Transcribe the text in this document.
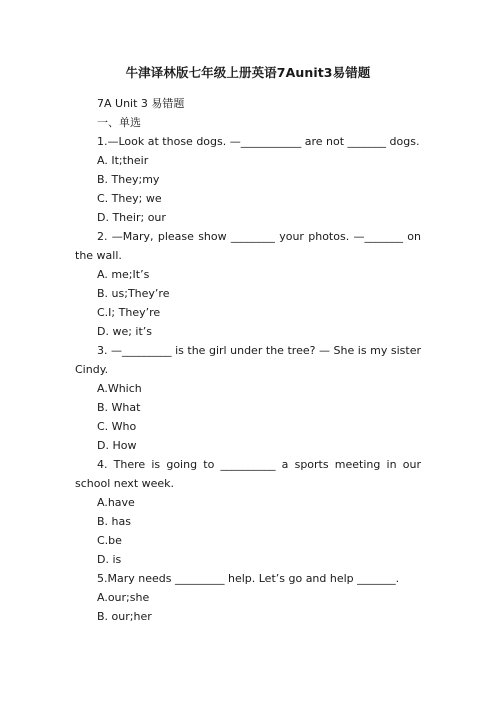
牛津译林版七年级上册英语7Aunit3易错题
7A Unit 3 易错题
一、单选
1.—Look at those dogs. —___________ are not _______ dogs.
A. It;their
B. They;my
C. They; we
D. Their; our
2. —Mary, please show ________ your photos. —_______ on the wall.
A. me;It’s
B. us;They’re
C.I; They’re
D. we; it’s
3. —_________ is the girl under the tree? — She is my sister Cindy.
A.Which
B. What
C. Who
D. How
4. There is going to __________ a sports meeting in our school next week.
A.have
B. has
C.be
D. is
5.Mary needs _________ help. Let’s go and help _______.
A.our;she
B. our;her
